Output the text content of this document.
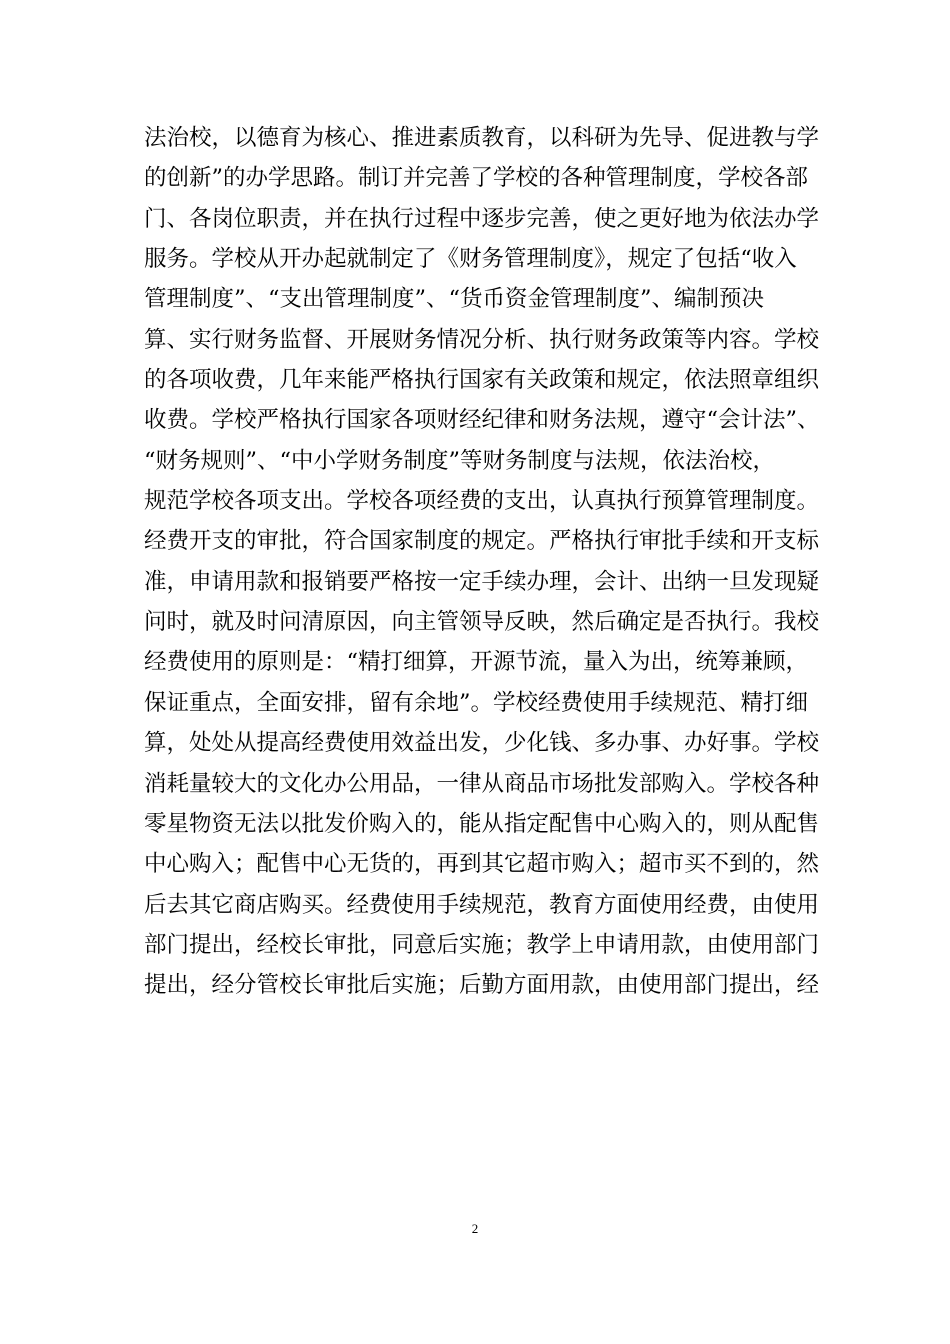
法治校，以德育为核心、推进素质教育，以科研为先导、促进教与学
的创新”的办学思路。制订并完善了学校的各种管理制度，学校各部
门、各岗位职责，并在执行过程中逐步完善，使之更好地为依法办学
服务。学校从开办起就制定了《财务管理制度》，规定了包括“收入
管理制度”、“支出管理制度”、“货币资金管理制度”、编制预决
算、实行财务监督、开展财务情况分析、执行财务政策等内容。学校
的各项收费，几年来能严格执行国家有关政策和规定，依法照章组织
收费。学校严格执行国家各项财经纪律和财务法规，遵守“会计法”、
“财务规则”、“中小学财务制度”等财务制度与法规，依法治校，
规范学校各项支出。学校各项经费的支出，认真执行预算管理制度。
经费开支的审批，符合国家制度的规定。严格执行审批手续和开支标
准，申请用款和报销要严格按一定手续办理，会计、出纳一旦发现疑
问时，就及时问清原因，向主管领导反映，然后确定是否执行。我校
经费使用的原则是：“精打细算，开源节流，量入为出，统筹兼顾，
保证重点，全面安排，留有余地”。学校经费使用手续规范、精打细
算，处处从提高经费使用效益出发，少化钱、多办事、办好事。学校
消耗量较大的文化办公用品，一律从商品市场批发部购入。学校各种
零星物资无法以批发价购入的，能从指定配售中心购入的，则从配售
中心购入；配售中心无货的，再到其它超市购入；超市买不到的，然
后去其它商店购买。经费使用手续规范，教育方面使用经费，由使用
部门提出，经校长审批，同意后实施；教学上申请用款，由使用部门
提出，经分管校长审批后实施；后勤方面用款，由使用部门提出，经
2
